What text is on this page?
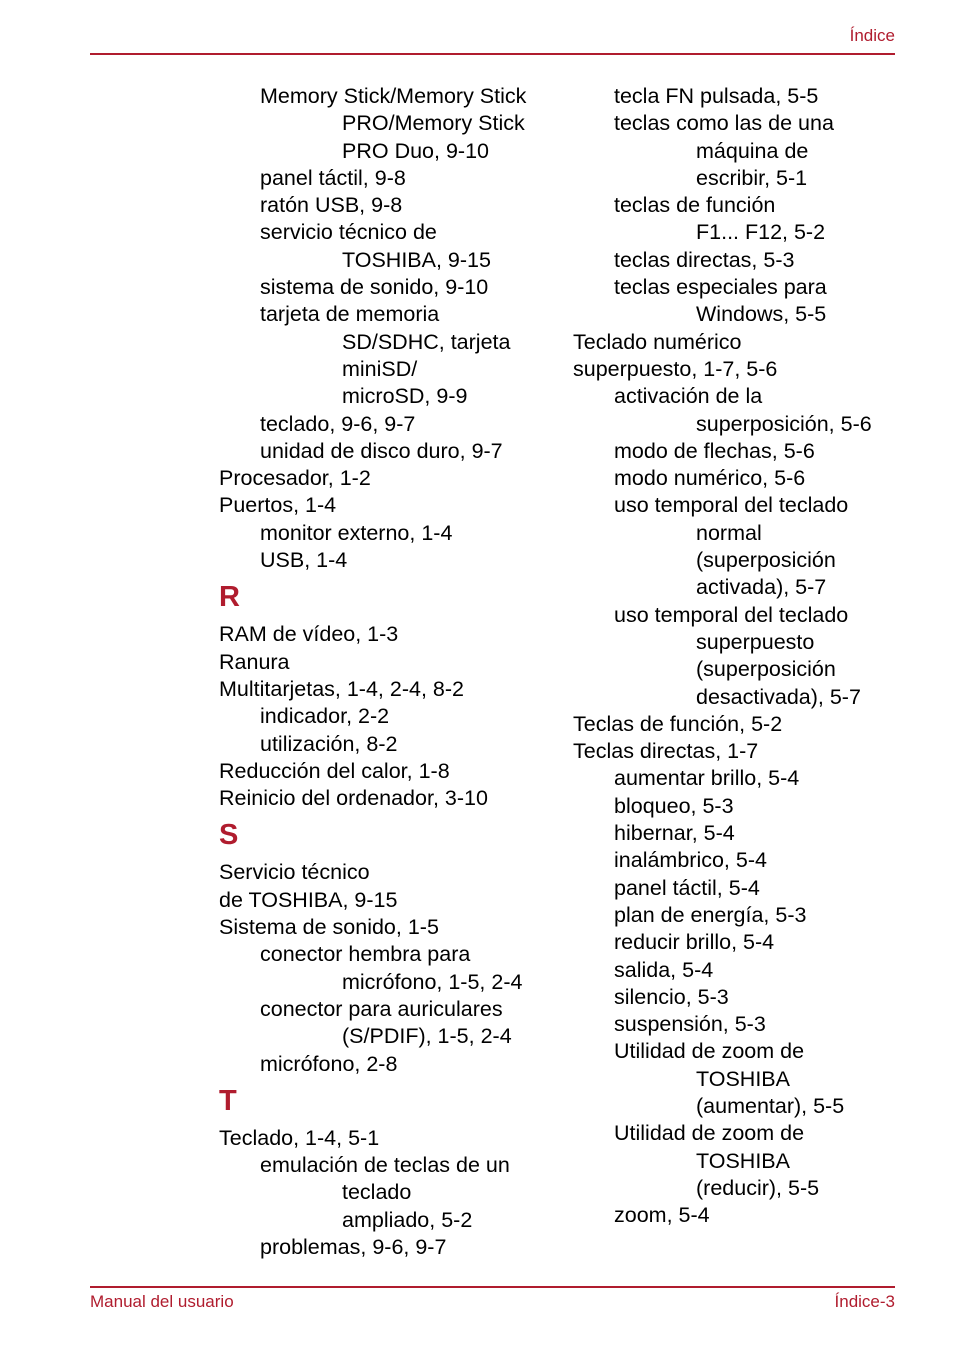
Índice
Memory Stick/Memory Stick
PRO/Memory Stick
PRO Duo, 9-10
panel táctil, 9-8
ratón USB, 9-8
servicio técnico de
TOSHIBA, 9-15
sistema de sonido, 9-10
tarjeta de memoria
SD/SDHC, tarjeta
miniSD/
microSD, 9-9
teclado, 9-6, 9-7
unidad de disco duro, 9-7
Procesador, 1-2
Puertos, 1-4
monitor externo, 1-4
USB, 1-4
R
RAM de vídeo, 1-3
Ranura
Multitarjetas, 1-4, 2-4, 8-2
indicador, 2-2
utilización, 8-2
Reducción del calor, 1-8
Reinicio del ordenador, 3-10
S
Servicio técnico
de TOSHIBA, 9-15
Sistema de sonido, 1-5
conector hembra para
micrófono, 1-5, 2-4
conector para auriculares
(S/PDIF), 1-5, 2-4
micrófono, 2-8
T
Teclado, 1-4, 5-1
emulación de teclas de un
teclado
ampliado, 5-2
problemas, 9-6, 9-7
tecla FN pulsada, 5-5
teclas como las de una
máquina de
escribir, 5-1
teclas de función
F1... F12, 5-2
teclas directas, 5-3
teclas especiales para
Windows, 5-5
Teclado numérico
superpuesto, 1-7, 5-6
activación de la
superposición, 5-6
modo de flechas, 5-6
modo numérico, 5-6
uso temporal del teclado
normal
(superposición
activada), 5-7
uso temporal del teclado
superpuesto
(superposición
desactivada), 5-7
Teclas de función, 5-2
Teclas directas, 1-7
aumentar brillo, 5-4
bloqueo, 5-3
hibernar, 5-4
inalámbrico, 5-4
panel táctil, 5-4
plan de energía, 5-3
reducir brillo, 5-4
salida, 5-4
silencio, 5-3
suspensión, 5-3
Utilidad de zoom de
TOSHIBA
(aumentar), 5-5
Utilidad de zoom de
TOSHIBA
(reducir), 5-5
zoom, 5-4
Manual del usuario	Índice-3
